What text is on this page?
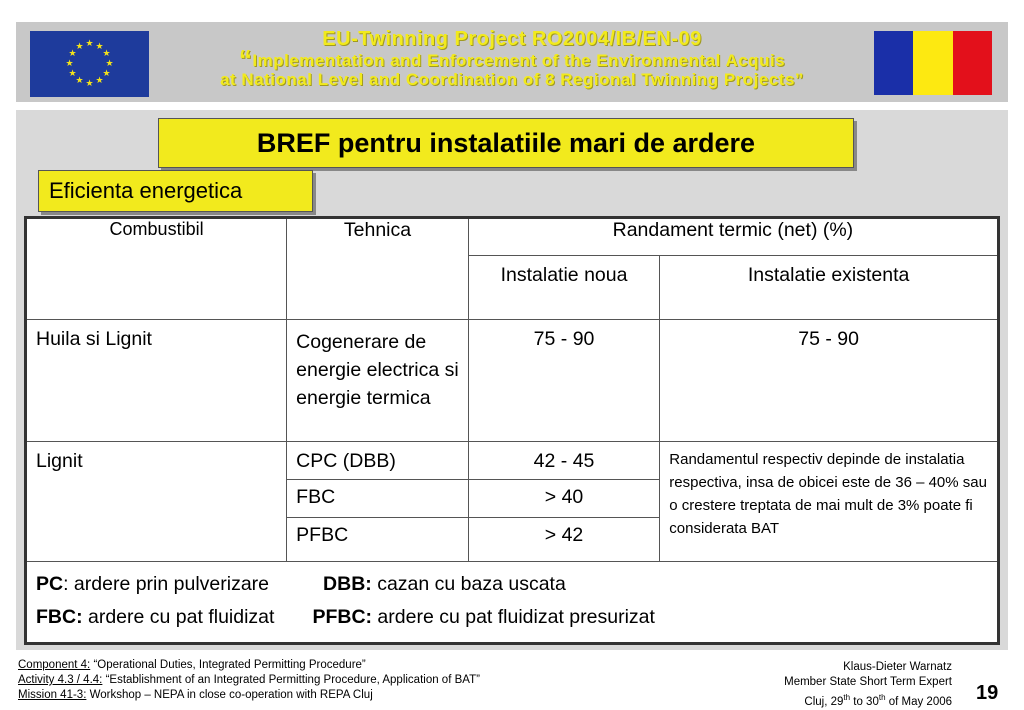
★ ★
★
★
★
★
★
★
★
★
★
★	EU-Twinning Project RO2004/IB/EN-09
“Implementation and Enforcement of the Environmental Acquis
at National Level and Coordination of 8 Regional Twinning Projects”
BREF pentru instalatiile mari de ardere
Eficienta energetica
Combustibil	Tehnica	Randament termic (net) (%)	
		Instalatie noua	Instalatie existenta
Huila si Lignit	Cogenerare de energie electrica si energie termica	75 - 90	75 - 90
Lignit	CPC (DBB)	42 - 45	Randamentul respectiv depinde de instalatia respectiva, insa de obicei este de 36 – 40% sau o crestere treptata de mai mult de 3% poate fi considerata BAT
	FBC	> 40	
	PFBC	> 42	

PC: ardere prin pulverizare DBB: cazan cu baza uscata
FBC: ardere cu pat fluidizat PFBC: ardere cu pat fluidizat presurizat			
Component 4: “Operational Duties, Integrated Permitting Procedure”
Activity 4.3 / 4.4: “Establishment of an Integrated Permitting Procedure, Application of BAT”
Mission 41-3: Workshop – NEPA in close co-operation with REPA Cluj
Klaus-Dieter Warnatz
Member State Short Term Expert
Cluj, 29th to 30th of May 2006 19
